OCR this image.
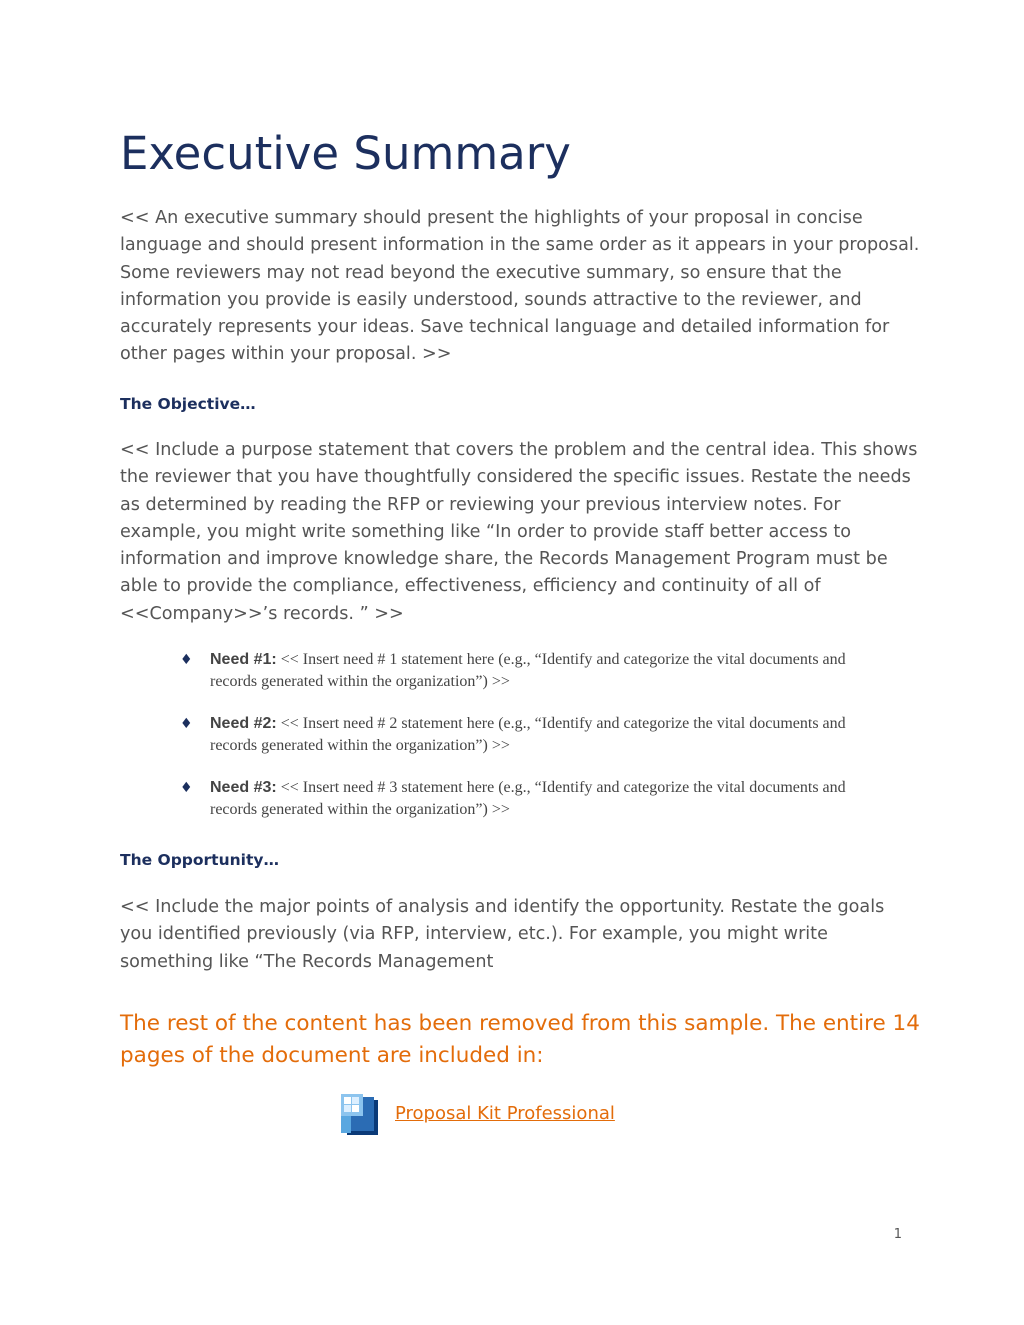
Executive Summary

<< An executive summary should present the highlights of your proposal in concise language and should present information in the same order as it appears in your proposal. Some reviewers may not read beyond the executive summary, so ensure that the information you provide is easily understood, sounds attractive to the reviewer, and accurately represents your ideas. Save technical language and detailed information for other pages within your proposal. >>

The Objective…

<< Include a purpose statement that covers the problem and the central idea. This shows the reviewer that you have thoughtfully considered the specific issues. Restate the needs as determined by reading the RFP or reviewing your previous interview notes. For example, you might write something like “In order to provide staff better access to information and improve knowledge share, the Records Management Program must be able to provide the compliance, effectiveness, efficiency and continuity of all of <<Company>>’s records. ” >>

♦ Need #1: << Insert need # 1 statement here (e.g., “Identify and categorize the vital documents and records generated within the organization”) >>
♦ Need #2: << Insert need # 2 statement here (e.g., “Identify and categorize the vital documents and records generated within the organization”) >>
♦ Need #3: << Insert need # 3 statement here (e.g., “Identify and categorize the vital documents and records generated within the organization”) >>
The Opportunity…

<< Include the major points of analysis and identify the opportunity. Restate the goals you identified previously (via RFP, interview, etc.). For example, you might write something like “The Records Management

The rest of the content has been removed from this sample. The entire 14 pages of the document are included in:

Proposal Kit Professional
1
